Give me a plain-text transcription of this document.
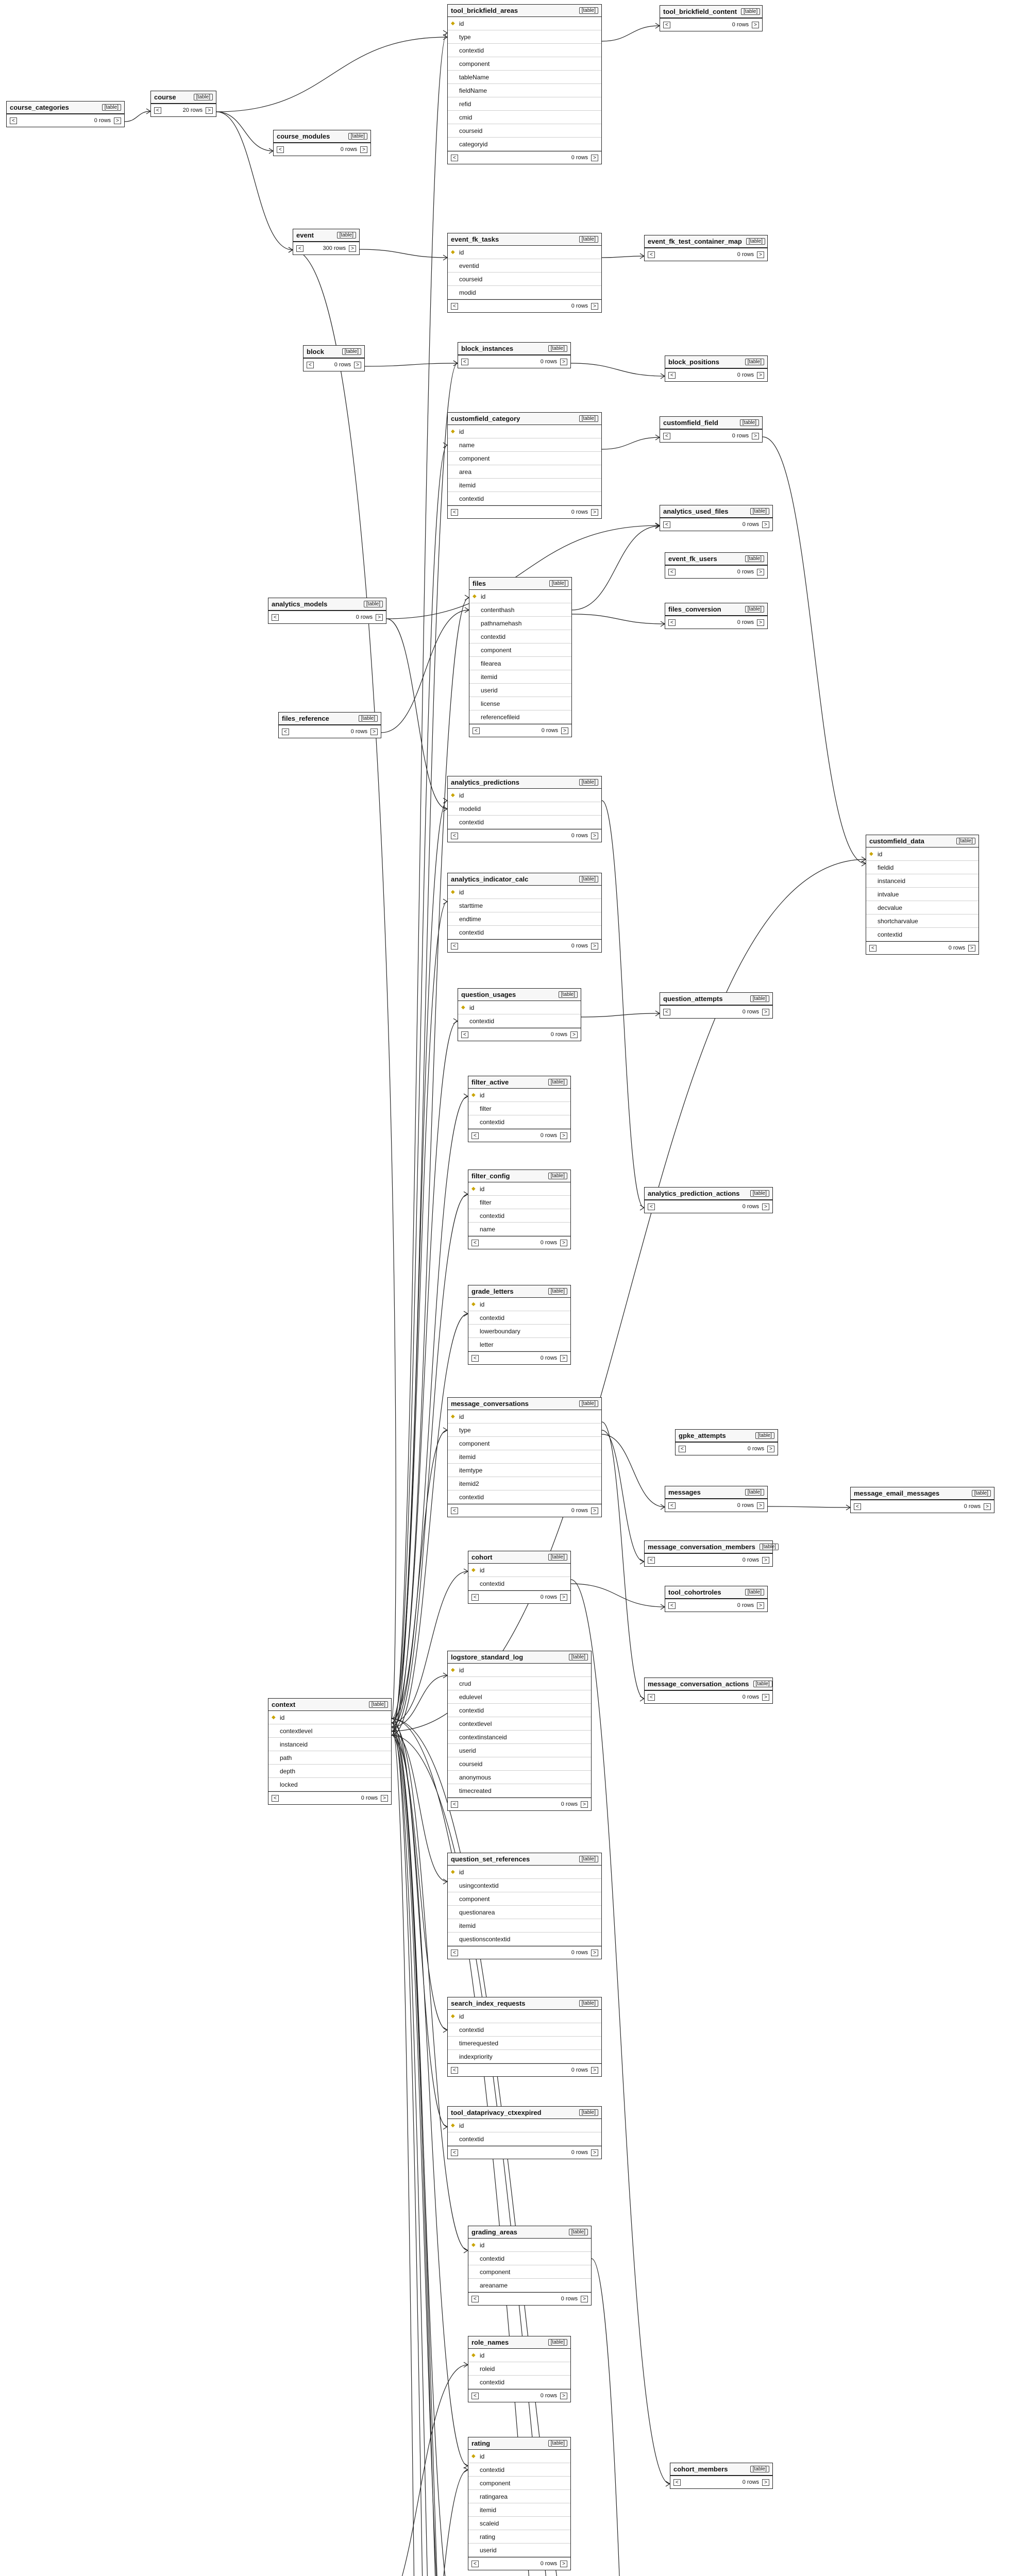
course_categories	[table]
<	0 rows	>
course	[table]
<	20 rows	>
course_modules	[table]
<	0 rows	>
event	[table]
<	300 rows	>
tool_brickfield_areas	[table]
◆ id
type
contextid
component
tableName
fieldName
refid
cmid
courseid
categoryid
<	0 rows	>
tool_brickfield_content	[table]
<	0 rows	>
event_fk_tasks	[table]
◆ id
eventid
courseid
modid
<	0 rows	>
event_fk_test_container_map	[table]
<	0 rows	>
block	[table]
<	0 rows	>
block_instances	[table]
<	0 rows	>	block_positions	[table]
<	0 rows	>
customfield_category	[table]
◆ id
name
component
area
itemid
contextid
<	0 rows	>
customfield_field	[table]
<	0 rows	>
analytics_models	[table]
<	0 rows	>
files	[table]
◆ id
contenthash
pathnamehash
contextid
component
filearea
itemid
userid
license
referencefileid
<	0 rows	>
analytics_used_files	[table]
<	0 rows	>
event_fk_users	[table]
<	0 rows	>
files_conversion	[table]
<	0 rows	>
files_reference	[table]
<	0 rows	>
analytics_predictions	[table]
◆ id
modelid
contextid
<	0 rows	>
customfield_data	[table]
◆ id
fieldid
instanceid
intvalue
decvalue
shortcharvalue
contextid
<	0 rows	>
analytics_indicator_calc	[table]
◆ id
starttime
endtime
contextid
<	0 rows	>
question_usages	[table]
◆ id
contextid
<	0 rows	>
question_attempts	[table]
<	0 rows	>
filter_active	[table]
◆ id
filter
contextid
<	0 rows	>
filter_config	[table]
◆ id
filter
contextid
name
<	0 rows	>
analytics_prediction_actions	[table]
<	0 rows	>
grade_letters	[table]
◆ id
contextid
lowerboundary
letter
<	0 rows	>
message_conversations	[table]
◆ id
type
component
itemid
itemtype
itemid2
contextid
<	0 rows	>
gpke_attempts	[table]
<	0 rows	>
messages	[table]
<	0 rows	>
message_email_messages	[table]
<	0 rows	>
message_conversation_members	[table]
<	0 rows	>
cohort	[table]
◆ id
contextid
<	0 rows	>
tool_cohortroles	[table]
<	0 rows	>
context	[table]
◆ id
contextlevel
instanceid
path
depth
locked
<	0 rows	>
logstore_standard_log	[table]
◆ id
crud
edulevel
contextid
contextlevel
contextinstanceid
userid
courseid
anonymous
timecreated
<	0 rows	>
message_conversation_actions	[table]
<	0 rows	>
question_set_references	[table]
◆ id
usingcontextid
component
questionarea
itemid
questionscontextid
<	0 rows	>
search_index_requests	[table]
◆ id
contextid
timerequested
indexpriority
<	0 rows	>
tool_dataprivacy_ctxexpired	[table]
◆ id
contextid
<	0 rows	>
grading_areas	[table]
◆ id
contextid
component
areaname
<	0 rows	>
role_names	[table]
◆ id
roleid
contextid
<	0 rows	>
rating	[table]
◆ id
contextid
component
ratingarea
itemid
scaleid
rating
userid
<	0 rows	>
cohort_members	[table]
<	0 rows	>
